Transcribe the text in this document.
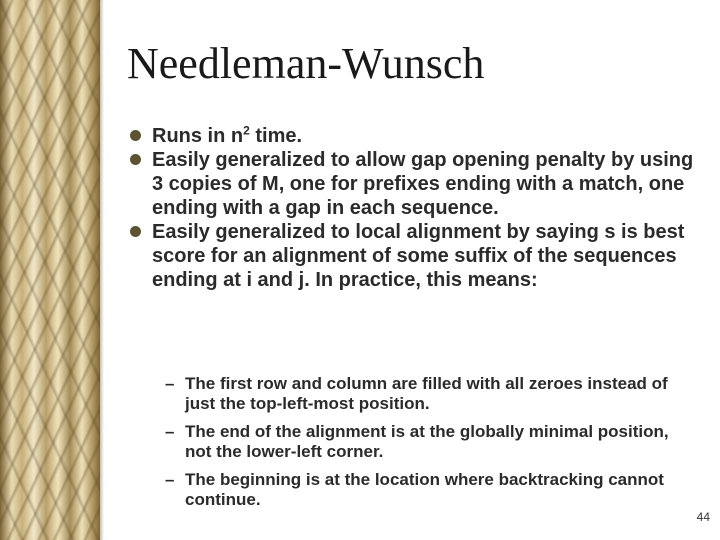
Needleman-Wunsch
Runs in $n^2$ time.
Easily generalized to allow gap opening penalty by using 3 copies of M, one for prefixes ending with a match, one ending with a gap in each sequence.
Easily generalized to local alignment by saying s is best score for an alignment of some suffix of the sequences ending at i and j. In practice, this means:
– The first row and column are filled with all zeroes instead of just the top-left-most position.
– The end of the alignment is at the globally minimal position, not the lower-left corner.
– The beginning is at the location where backtracking cannot continue.
44
